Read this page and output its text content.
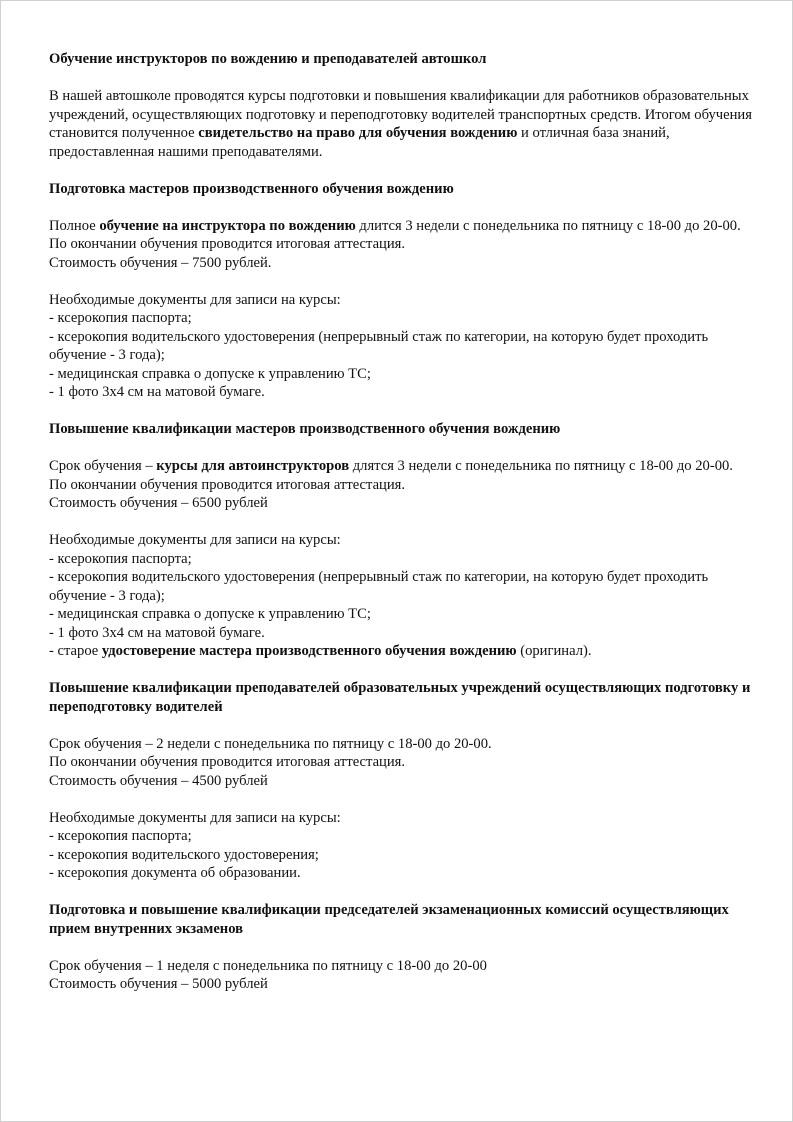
Обучение инструкторов по вождению и преподавателей автошкол

В нашей автошколе проводятся курсы подготовки и повышения квалификации для работников образовательных учреждений, осуществляющих подготовку и переподготовку водителей транспортных средств. Итогом обучения становится полученное свидетельство на право для обучения вождению и отличная база знаний, предоставленная нашими преподавателями.

Подготовка мастеров производственного обучения вождению

Полное обучение на инструктора по вождению длится 3 недели с понедельника по пятницу с 18-00 до 20-00.

По окончании обучения проводится итоговая аттестация.

Стоимость обучения – 7500 рублей.

Необходимые документы для записи на курсы:

- ксерокопия паспорта;

- ксерокопия водительского удостоверения (непрерывный стаж по категории, на которую будет проходить обучение - 3 года);

- медицинская справка о допуске к управлению ТС;

- 1 фото 3х4 см на матовой бумаге.

Повышение квалификации мастеров производственного обучения вождению

Срок обучения – курсы для автоинструкторов длятся 3 недели с понедельника по пятницу с 18-00 до 20-00.

По окончании обучения проводится итоговая аттестация.

Стоимость обучения – 6500 рублей

Необходимые документы для записи на курсы:

- ксерокопия паспорта;

- ксерокопия водительского удостоверения (непрерывный стаж по категории, на которую будет проходить обучение - 3 года);

- медицинская справка о допуске к управлению ТС;

- 1 фото 3х4 см на матовой бумаге.

- старое удостоверение мастера производственного обучения вождению (оригинал).

Повышение квалификации преподавателей образовательных учреждений осуществляющих подготовку и переподготовку водителей

Срок обучения – 2 недели с понедельника по пятницу с 18-00 до 20-00.

По окончании обучения проводится итоговая аттестация.

Стоимость обучения – 4500 рублей

Необходимые документы для записи на курсы:

- ксерокопия паспорта;

- ксерокопия водительского удостоверения;

- ксерокопия документа об образовании.

Подготовка и повышение квалификации председателей экзаменационных комиссий осуществляющих прием внутренних экзаменов

Срок обучения – 1 неделя с понедельника по пятницу с 18-00 до 20-00

Стоимость обучения – 5000 рублей
